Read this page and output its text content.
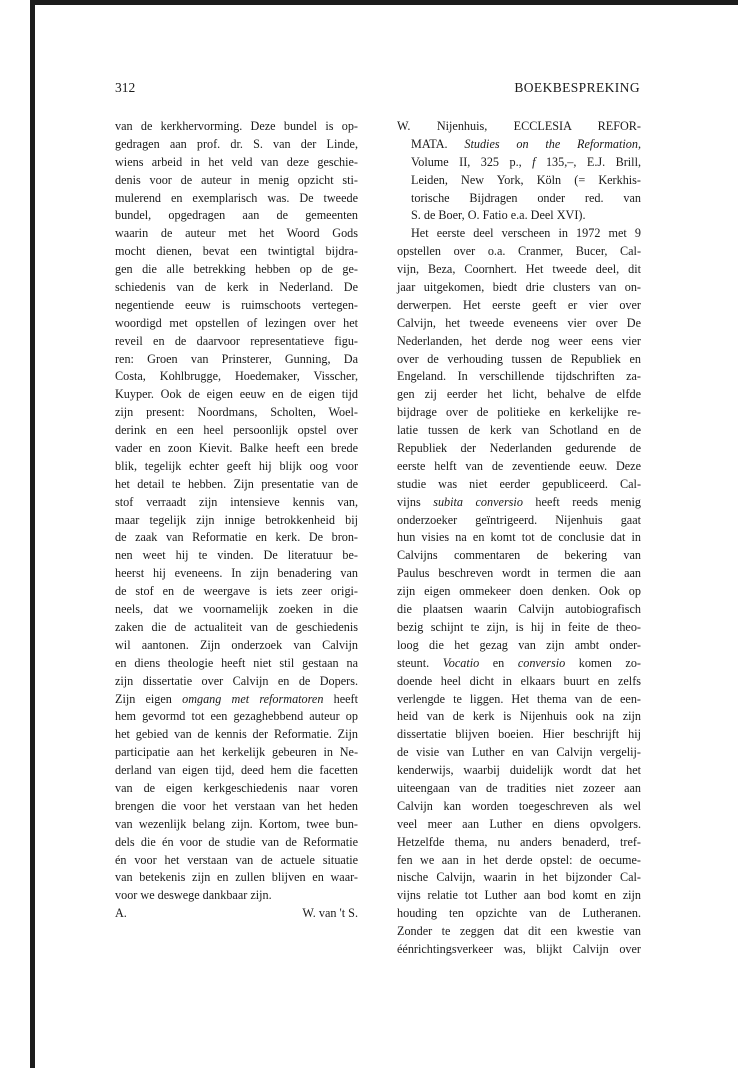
312	BOEKBESPREKING
van de kerkhervorming. Deze bundel is op-
gedragen aan prof. dr. S. van der Linde,
wiens arbeid in het veld van deze geschie-
denis voor de auteur in menig opzicht sti-
mulerend en exemplarisch was. De tweede
bundel, opgedragen aan de gemeenten
waarin de auteur met het Woord Gods
mocht dienen, bevat een twintigtal bijdra-
gen die alle betrekking hebben op de ge-
schiedenis van de kerk in Nederland. De
negentiende eeuw is ruimschoots vertegen-
woordigd met opstellen of lezingen over het
reveil en de daarvoor representatieve figu-
ren: Groen van Prinsterer, Gunning, Da
Costa, Kohlbrugge, Hoedemaker, Visscher,
Kuyper. Ook de eigen eeuw en de eigen tijd
zijn present: Noordmans, Scholten, Woel-
derink en een heel persoonlijk opstel over
vader en zoon Kievit. Balke heeft een brede
blik, tegelijk echter geeft hij blijk oog voor
het detail te hebben. Zijn presentatie van de
stof verraadt zijn intensieve kennis van,
maar tegelijk zijn innige betrokkenheid bij
de zaak van Reformatie en kerk. De bron-
nen weet hij te vinden. De literatuur be-
heerst hij eveneens. In zijn benadering van
de stof en de weergave is iets zeer origi-
neels, dat we voornamelijk zoeken in die
zaken die de actualiteit van de geschiedenis
wil aantonen. Zijn onderzoek van Calvijn
en diens theologie heeft niet stil gestaan na
zijn dissertatie over Calvijn en de Dopers.
Zijn eigen omgang met reformatoren heeft
hem gevormd tot een gezaghebbend auteur op
het gebied van de kennis der Reformatie. Zijn
participatie aan het kerkelijk gebeuren in Ne-
derland van eigen tijd, deed hem die facetten
van de eigen kerkgeschiedenis naar voren
brengen die voor het verstaan van het heden
van wezenlijk belang zijn. Kortom, twee bun-
dels die én voor de studie van de Reformatie
én voor het verstaan van de actuele situatie
van betekenis zijn en zullen blijven en waar-
voor we deswege dankbaar zijn.
A.	W. van 't S.
W. Nijenhuis, ECCLESIA REFOR-
MATA. Studies on the Reformation,
Volume II, 325 p., f 135,–, E.J. Brill,
Leiden, New York, Köln (= Kerkhis-
torische Bijdragen onder red. van
S. de Boer, O. Fatio e.a. Deel XVI).
Het eerste deel verscheen in 1972 met 9
opstellen over o.a. Cranmer, Bucer, Cal-
vijn, Beza, Coornhert. Het tweede deel, dit
jaar uitgekomen, biedt drie clusters van on-
derwerpen. Het eerste geeft er vier over
Calvijn, het tweede eveneens vier over De
Nederlanden, het derde nog weer eens vier
over de verhouding tussen de Republiek en
Engeland. In verschillende tijdschriften za-
gen zij eerder het licht, behalve de elfde
bijdrage over de politieke en kerkelijke re-
latie tussen de kerk van Schotland en de
Republiek der Nederlanden gedurende de
eerste helft van de zeventiende eeuw. Deze
studie was niet eerder gepubliceerd. Cal-
vijns subita conversio heeft reeds menig
onderzoeker geïntrigeerd. Nijenhuis gaat
hun visies na en komt tot de conclusie dat in
Calvijns commentaren de bekering van
Paulus beschreven wordt in termen die aan
zijn eigen ommekeer doen denken. Ook op
die plaatsen waarin Calvijn autobiografisch
bezig schijnt te zijn, is hij in feite de theo-
loog die het gezag van zijn ambt onder-
steunt. Vocatio en conversio komen zo-
doende heel dicht in elkaars buurt en zelfs
verlengde te liggen. Het thema van de een-
heid van de kerk is Nijenhuis ook na zijn
dissertatie blijven boeien. Hier beschrijft hij
de visie van Luther en van Calvijn vergelij-
kenderwijs, waarbij duidelijk wordt dat het
uiteengaan van de tradities niet zozeer aan
Calvijn kan worden toegeschreven als wel
veel meer aan Luther en diens opvolgers.
Hetzelfde thema, nu anders benaderd, tref-
fen we aan in het derde opstel: de oecume-
nische Calvijn, waarin in het bijzonder Cal-
vijns relatie tot Luther aan bod komt en zijn
houding ten opzichte van de Lutheranen.
Zonder te zeggen dat dit een kwestie van
éénrichtingsverkeer was, blijkt Calvijn over
